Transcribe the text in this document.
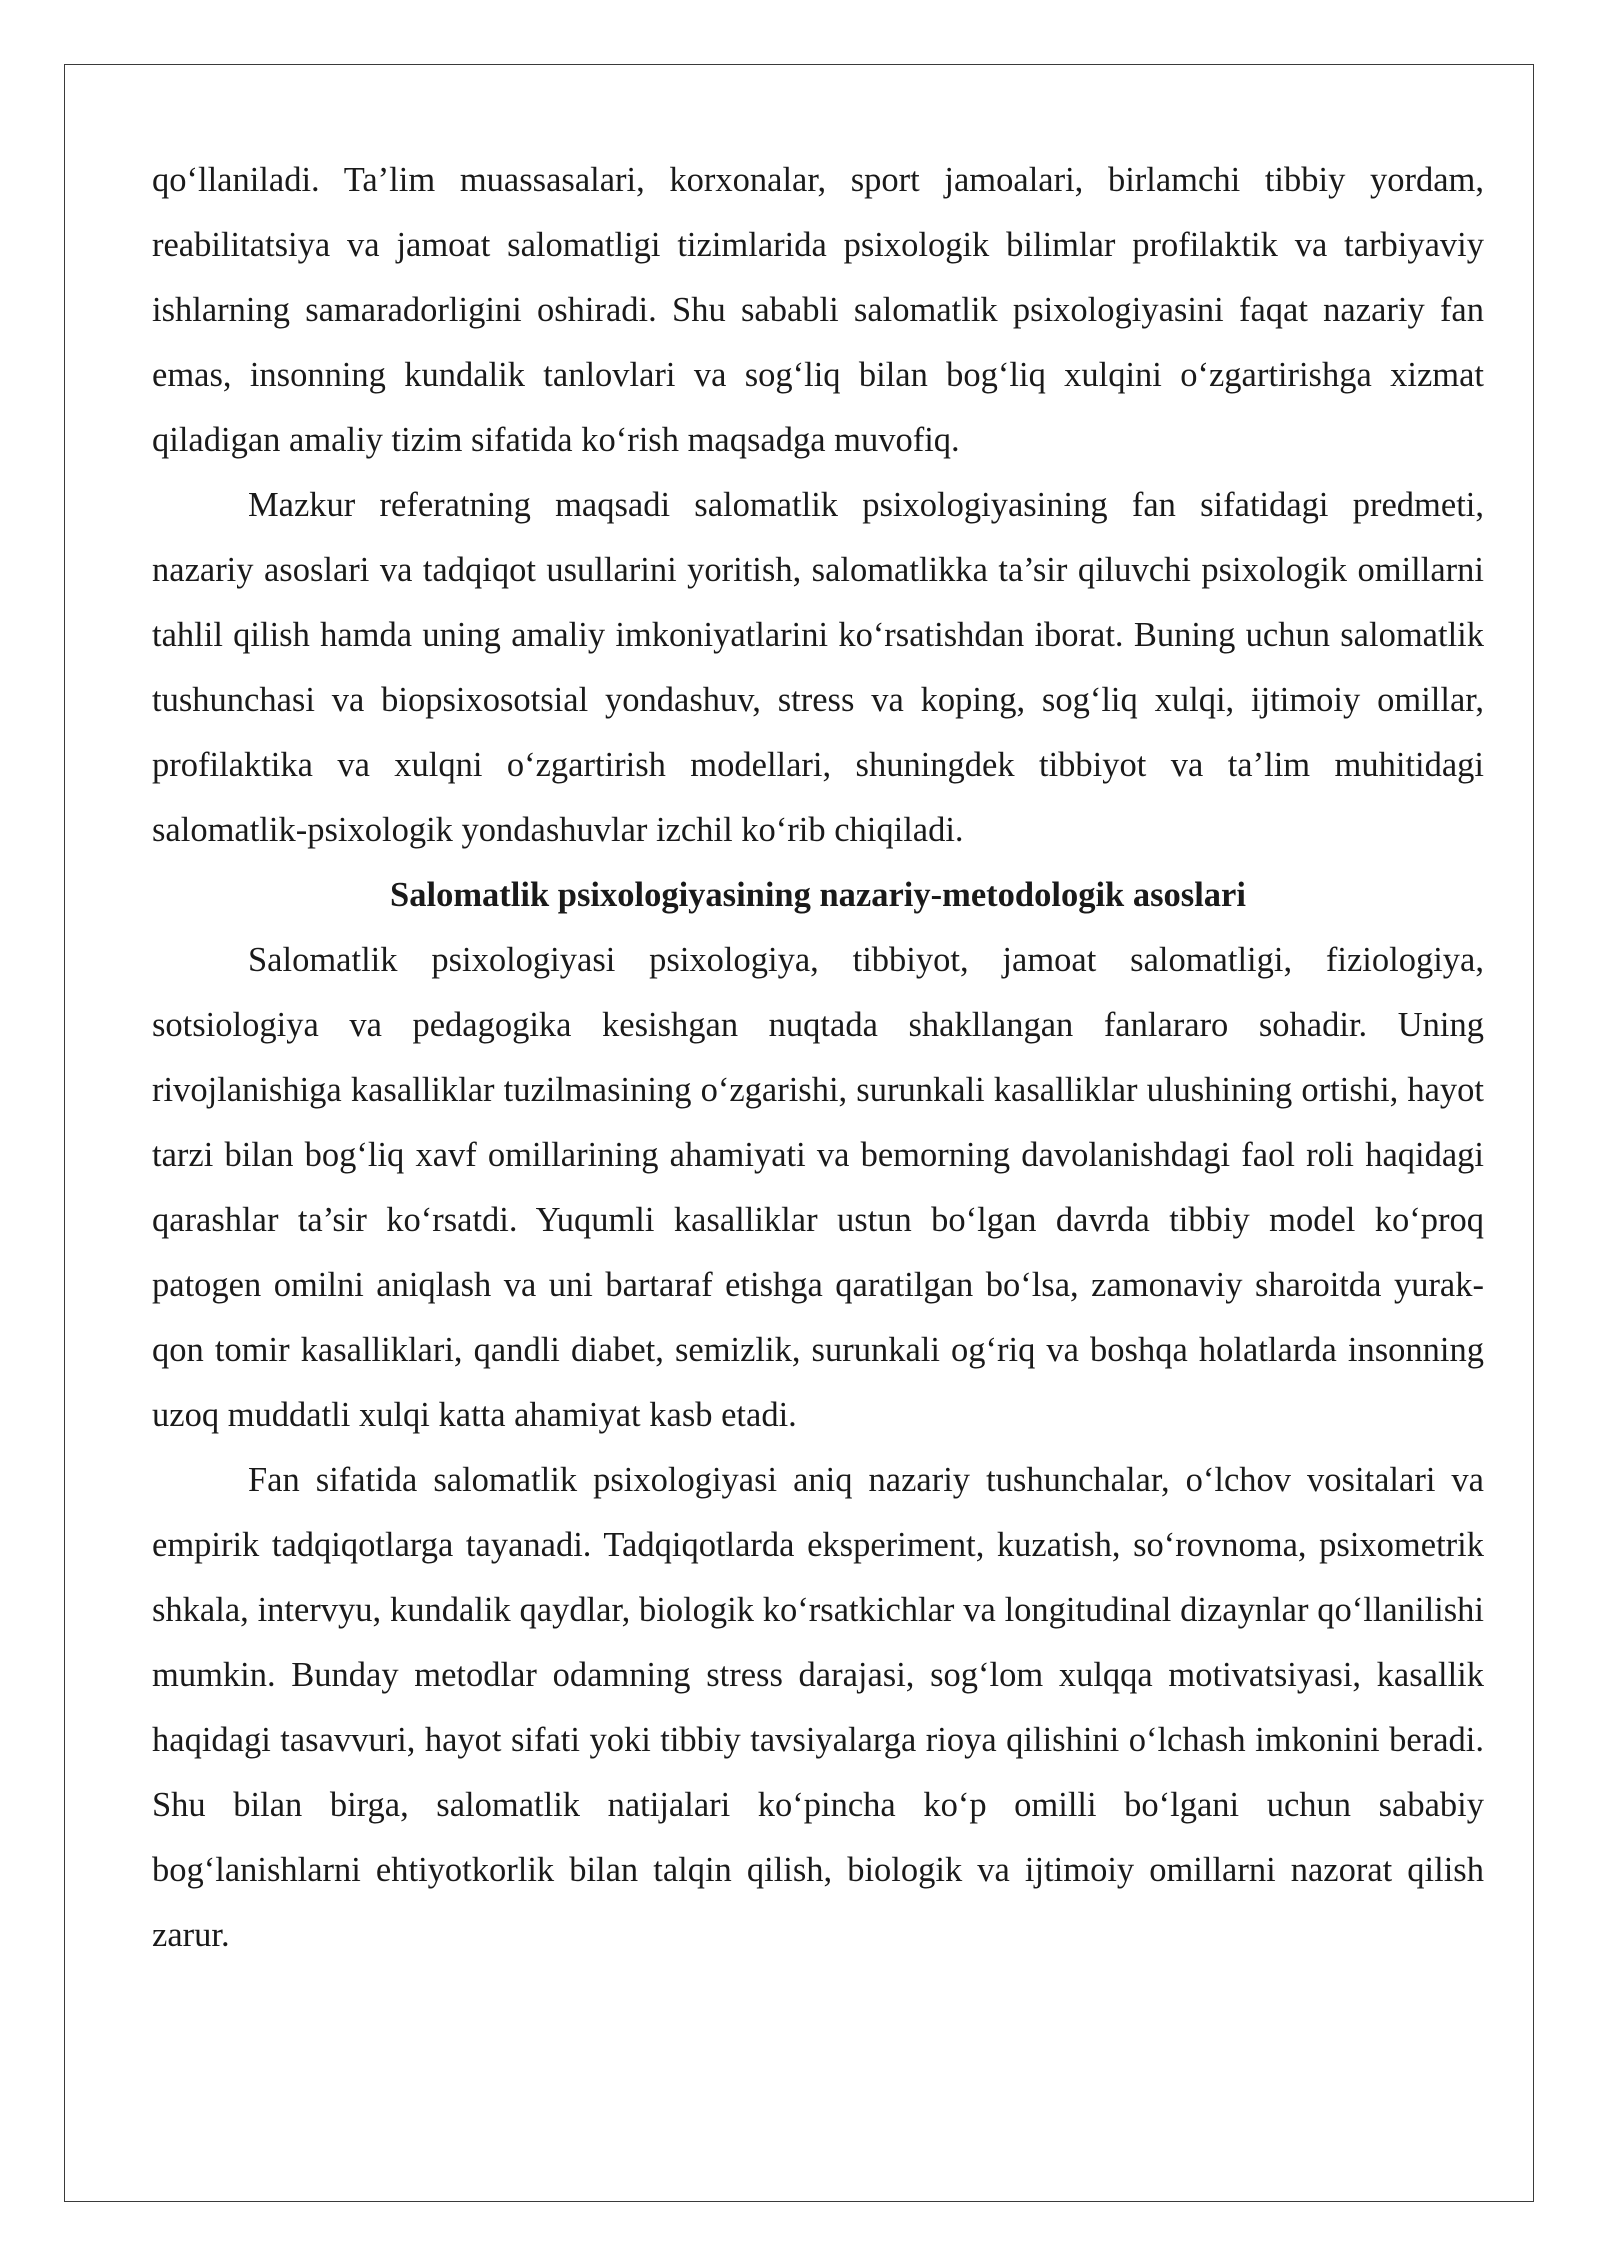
qo‘llaniladi. Ta’lim muassasalari, korxonalar, sport jamoalari, birlamchi tibbiy yordam, reabilitatsiya va jamoat salomatligi tizimlarida psixologik bilimlar profilaktik va tarbiyaviy ishlarning samaradorligini oshiradi. Shu sababli salomatlik psixologiyasini faqat nazariy fan emas, insonning kundalik tanlovlari va sog‘liq bilan bog‘liq xulqini o‘zgartirishga xizmat qiladigan amaliy tizim sifatida ko‘rish maqsadga muvofiq.

Mazkur referatning maqsadi salomatlik psixologiyasining fan sifatidagi predmeti, nazariy asoslari va tadqiqot usullarini yoritish, salomatlikka ta’sir qiluvchi psixologik omillarni tahlil qilish hamda uning amaliy imkoniyatlarini ko‘rsatishdan iborat. Buning uchun salomatlik tushunchasi va biopsixosotsial yondashuv, stress va koping, sog‘liq xulqi, ijtimoiy omillar, profilaktika va xulqni o‘zgartirish modellari, shuningdek tibbiyot va ta’lim muhitidagi salomatlik-psixologik yondashuvlar izchil ko‘rib chiqiladi.

Salomatlik psixologiyasining nazariy-metodologik asoslari

Salomatlik psixologiyasi psixologiya, tibbiyot, jamoat salomatligi, fiziologiya, sotsiologiya va pedagogika kesishgan nuqtada shakllangan fanlararo sohadir. Uning rivojlanishiga kasalliklar tuzilmasining o‘zgarishi, surunkali kasalliklar ulushining ortishi, hayot tarzi bilan bog‘liq xavf omillarining ahamiyati va bemorning davolanishdagi faol roli haqidagi qarashlar ta’sir ko‘rsatdi. Yuqumli kasalliklar ustun bo‘lgan davrda tibbiy model ko‘proq patogen omilni aniqlash va uni bartaraf etishga qaratilgan bo‘lsa, zamonaviy sharoitda yurak-qon tomir kasalliklari, qandli diabet, semizlik, surunkali og‘riq va boshqa holatlarda insonning uzoq muddatli xulqi katta ahamiyat kasb etadi.

Fan sifatida salomatlik psixologiyasi aniq nazariy tushunchalar, o‘lchov vositalari va empirik tadqiqotlarga tayanadi. Tadqiqotlarda eksperiment, kuzatish, so‘rovnoma, psixometrik shkala, intervyu, kundalik qaydlar, biologik ko‘rsatkichlar va longitudinal dizaynlar qo‘llanilishi mumkin. Bunday metodlar odamning stress darajasi, sog‘lom xulqqa motivatsiyasi, kasallik haqidagi tasavvuri, hayot sifati yoki tibbiy tavsiyalarga rioya qilishini o‘lchash imkonini beradi. Shu bilan birga, salomatlik natijalari ko‘pincha ko‘p omilli bo‘lgani uchun sababiy bog‘lanishlarni ehtiyotkorlik bilan talqin qilish, biologik va ijtimoiy omillarni nazorat qilish zarur.
